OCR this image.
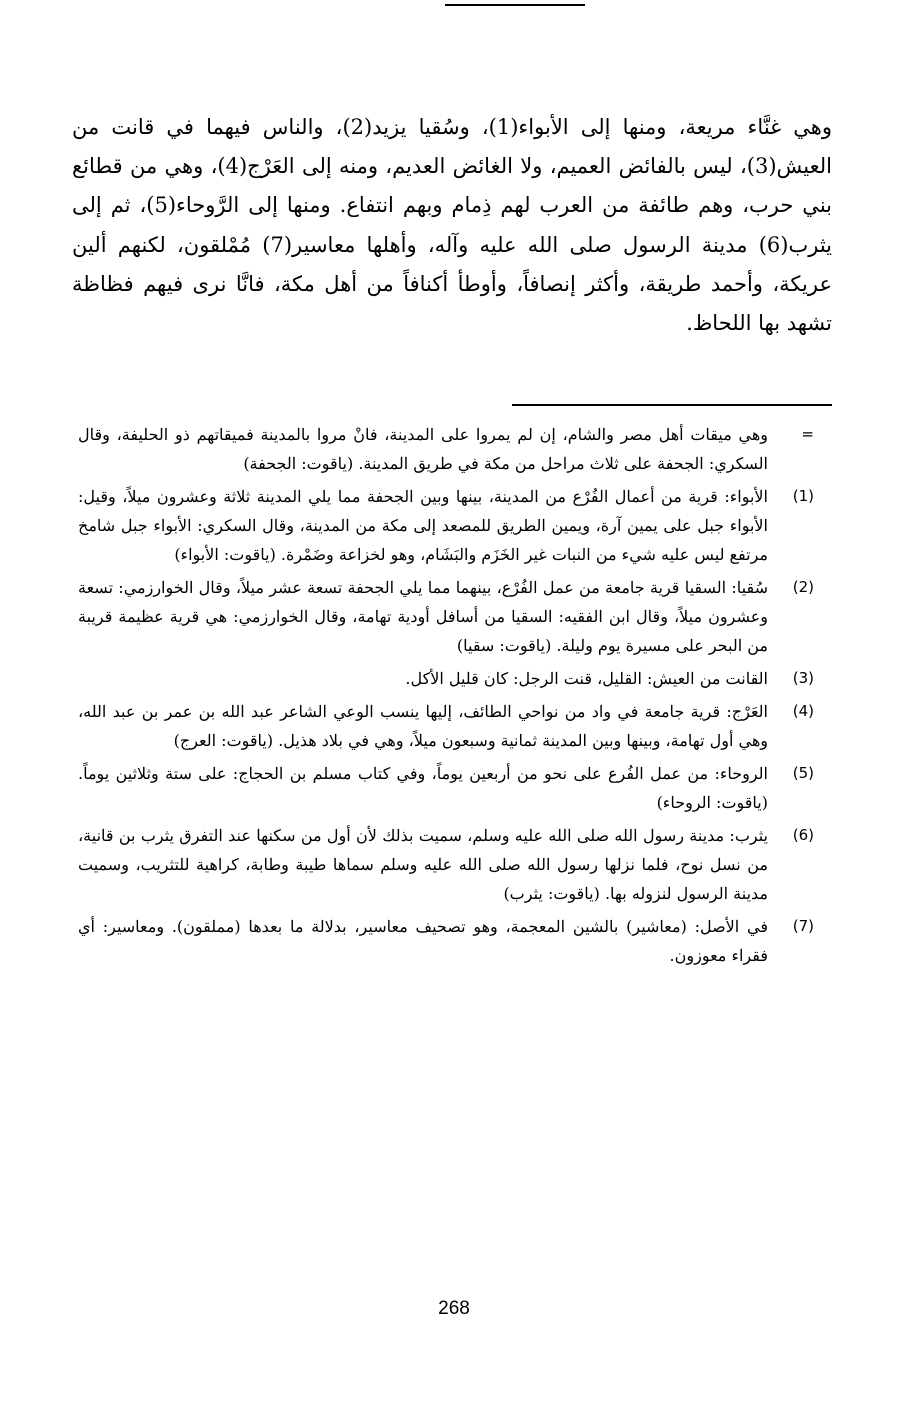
وهي غنَّاء مريعة، ومنها إلى الأبواء(1)، وسُقيا يزيد(2)، والناس فيهما في قانت من العيش(3)، ليس بالفائض العميم، ولا الغائض العديم، ومنه إلى العَرْج(4)، وهي من قطائع بني حرب، وهم طائفة من العرب لهم ذِمام وبهم انتفاع. ومنها إلى الرَّوحاء(5)، ثم إلى يثرب(6) مدينة الرسول صلى الله عليه وآله، وأهلها معاسير(7) مُمْلقون، لكنهم ألين عريكة، وأحمد طريقة، وأكثر إنصافاً، وأوطأ أكنافاً من أهل مكة، فانَّا نرى فيهم فظاظة تشهد بها اللحاظ.

=
وهي ميقات أهل مصر والشام، إن لم يمروا على المدينة، فانْ مروا بالمدينة فميقاتهم ذو الحليفة، وقال السكري: الجحفة على ثلاث مراحل من مكة في طريق المدينة. (ياقوت: الجحفة)
(1)
الأبواء: قرية من أعمال الفُرْع من المدينة، بينها وبين الجحفة مما يلي المدينة ثلاثة وعشرون ميلاً، وقيل: الأبواء جبل على يمين آرة، ويمين الطريق للمصعد إلى مكة من المدينة، وقال السكري: الأبواء جبل شامخ مرتفع ليس عليه شيء من النبات غير الخَزَم والبَشَام، وهو لخزاعة وضَمْرة. (ياقوت: الأبواء)
(2)
سُقيا: السقيا قرية جامعة من عمل الفُرْع، بينهما مما يلي الجحفة تسعة عشر ميلاً، وقال الخوارزمي: تسعة وعشرون ميلاً، وقال ابن الفقيه: السقيا من أسافل أودية تهامة، وقال الخوارزمي: هي قرية عظيمة قريبة من البحر على مسيرة يوم وليلة. (ياقوت: سقيا)
(3)
القانت من العيش: القليل، قنت الرجل: كان قليل الأكل.
(4)
العَرْج: قرية جامعة في واد من نواحي الطائف، إليها ينسب الوعي الشاعر عبد الله بن عمر بن عبد الله، وهي أول تهامة، وبينها وبين المدينة ثمانية وسبعون ميلاً، وهي في بلاد هذيل. (ياقوت: العرج)
(5)
الروحاء: من عمل الفُرع على نحو من أربعين يوماً، وفي كتاب مسلم بن الحجاج: على ستة وثلاثين يوماً. (ياقوت: الروحاء)
(6)
يثرب: مدينة رسول الله صلى الله عليه وسلم، سميت بذلك لأن أول من سكنها عند التفرق يثرب بن قانية، من نسل نوح، فلما نزلها رسول الله صلى الله عليه وسلم سماها طيبة وطابة، كراهية للتثريب، وسميت مدينة الرسول لنزوله بها. (ياقوت: يثرب)
(7)
في الأصل: (معاشير) بالشين المعجمة، وهو تصحيف معاسير، بدلالة ما بعدها (مملقون). ومعاسير: أي فقراء معوزون.
268
